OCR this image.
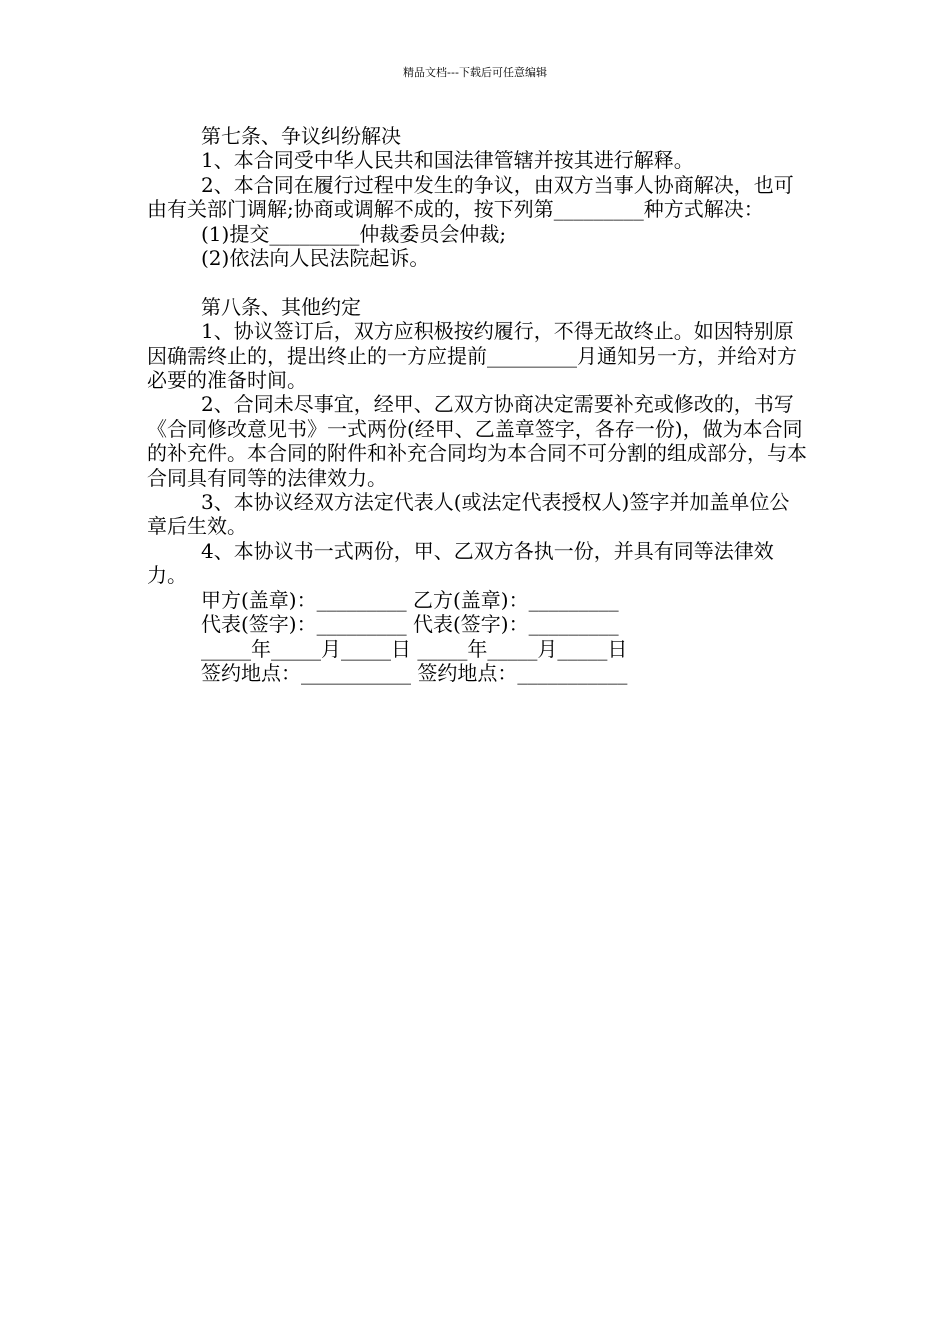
精品文档---下载后可任意编辑

第七条、争议纠纷解决

1、本合同受中华人民共和国法律管辖并按其进行解释。

2、本合同在履行过程中发生的争议，由双方当事人协商解决，也可由有关部门调解;协商或调解不成的，按下列第_________种方式解决：

(1)提交_________仲裁委员会仲裁;

(2)依法向人民法院起诉。

第八条、其他约定

1、协议签订后，双方应积极按约履行，不得无故终止。如因特别原因确需终止的，提出终止的一方应提前_________月通知另一方，并给对方必要的准备时间。

2、合同未尽事宜，经甲、乙双方协商决定需要补充或修改的，书写《合同修改意见书》一式两份(经甲、乙盖章签字，各存一份)，做为本合同的补充件。本合同的附件和补充合同均为本合同不可分割的组成部分，与本合同具有同等的法律效力。

3、本协议经双方法定代表人(或法定代表授权人)签字并加盖单位公章后生效。

4、本协议书一式两份，甲、乙双方各执一份，并具有同等法律效力。

甲方(盖章)：_________ 乙方(盖章)：_________

代表(签字)：_________ 代表(签字)：_________

_____年_____月_____日 _____年_____月_____日

签约地点：___________ 签约地点：___________
